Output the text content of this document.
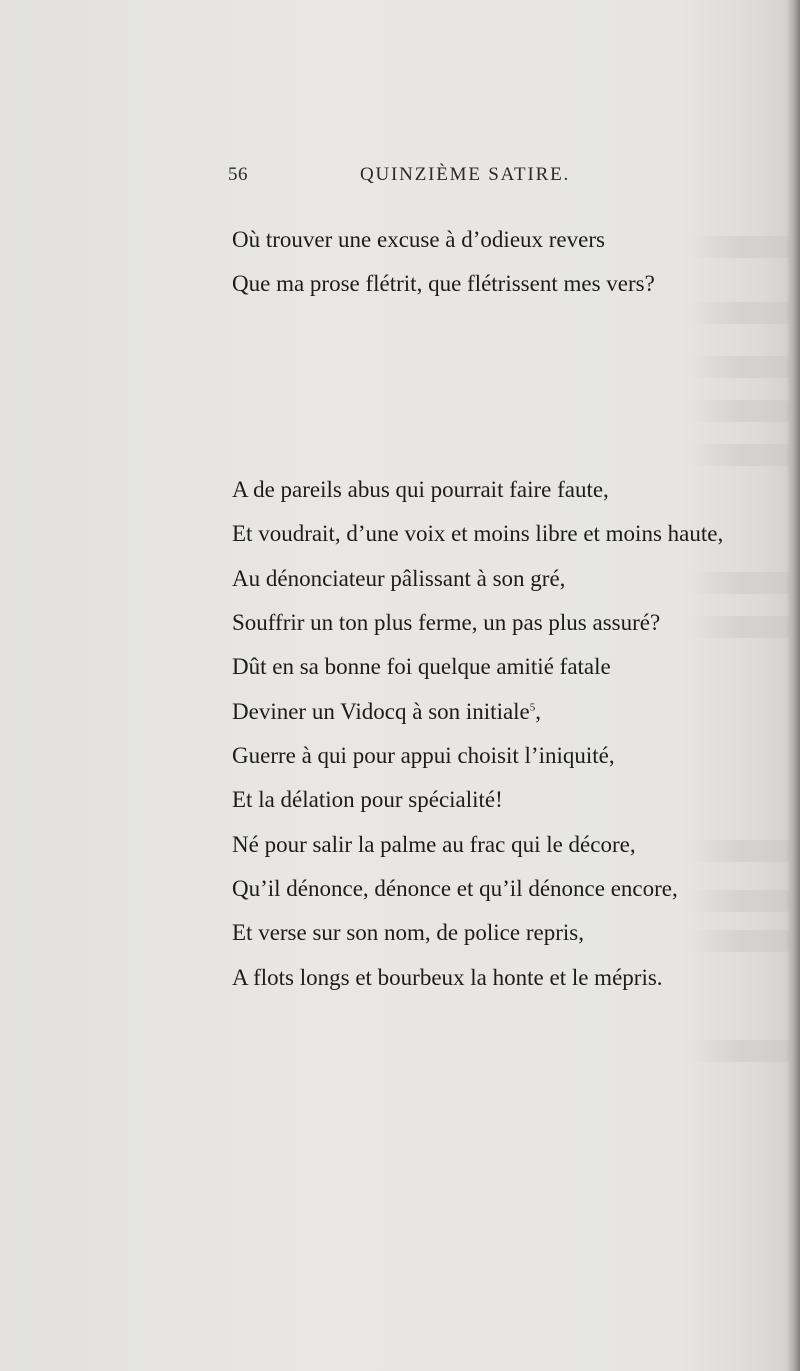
56	QUINZIÈME SATIRE.
Où trouver une excuse à d’odieux revers
Que ma prose flétrit, que flétrissent mes vers?
A de pareils abus qui pourrait faire faute,
Et voudrait, d’une voix et moins libre et moins haute,
Au dénonciateur pâlissant à son gré,
Souffrir un ton plus ferme, un pas plus assuré?
Dût en sa bonne foi quelque amitié fatale
Deviner un Vidocq à son initiale$^5$,
Guerre à qui pour appui choisit l’iniquité,
Et la délation pour spécialité!
Né pour salir la palme au frac qui le décore,
Qu’il dénonce, dénonce et qu’il dénonce encore,
Et verse sur son nom, de police repris,
A flots longs et bourbeux la honte et le mépris.
